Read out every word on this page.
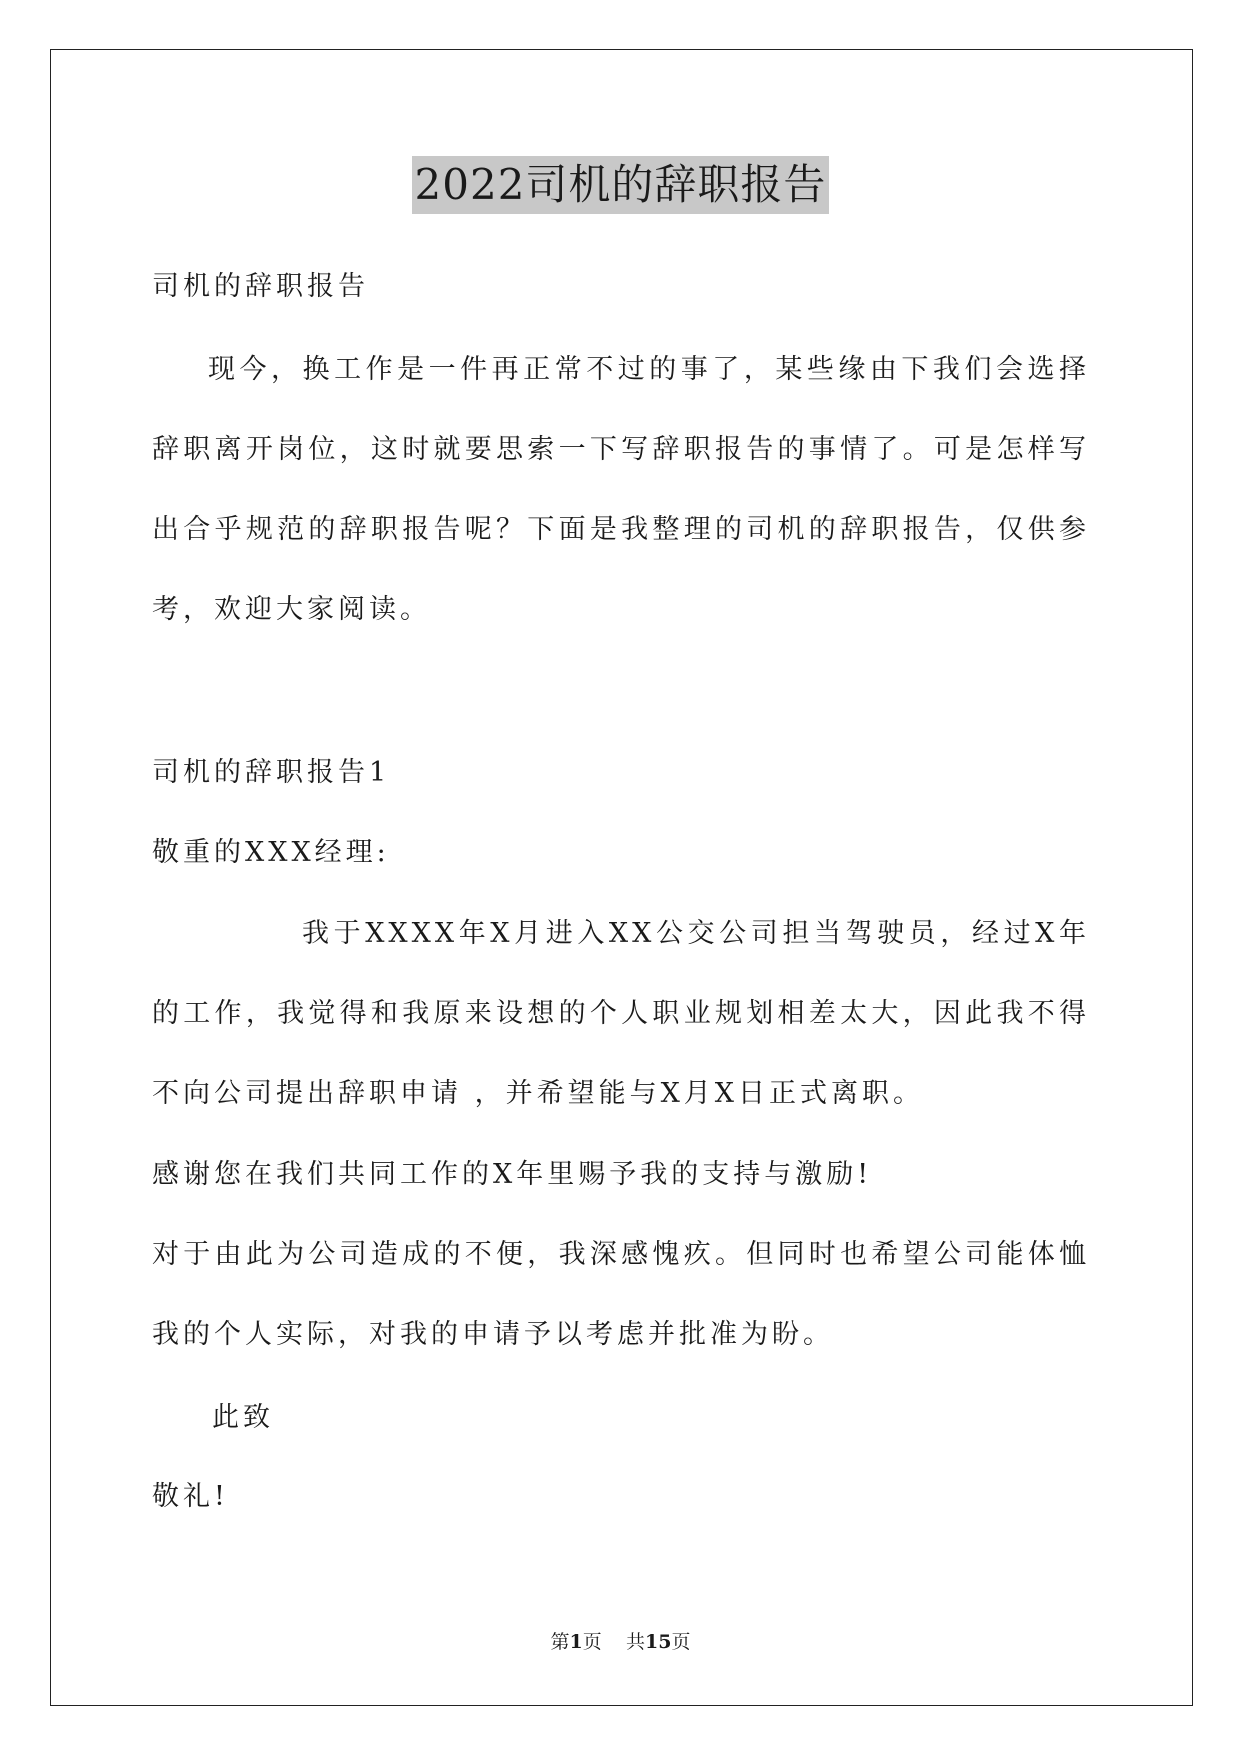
2022司机的辞职报告
司机的辞职报告
现今，换工作是一件再正常不过的事了，某些缘由下我们会选择
辞职离开岗位，这时就要思索一下写辞职报告的事情了。可是怎样写
出合乎规范的辞职报告呢？下面是我整理的司机的辞职报告，仅供参
考，欢迎大家阅读。
司机的辞职报告1
敬重的XXX经理:
我于XXXX年X月进入XX公交公司担当驾驶员，经过X年
的工作，我觉得和我原来设想的个人职业规划相差太大，因此我不得
不向公司提出辞职申请 ，并希望能与X月X日正式离职。
感谢您在我们共同工作的X年里赐予我的支持与激励!
对于由此为公司造成的不便，我深感愧疚。但同时也希望公司能体恤
我的个人实际，对我的申请予以考虑并批准为盼。
此致
敬礼!
第1页 共15页
